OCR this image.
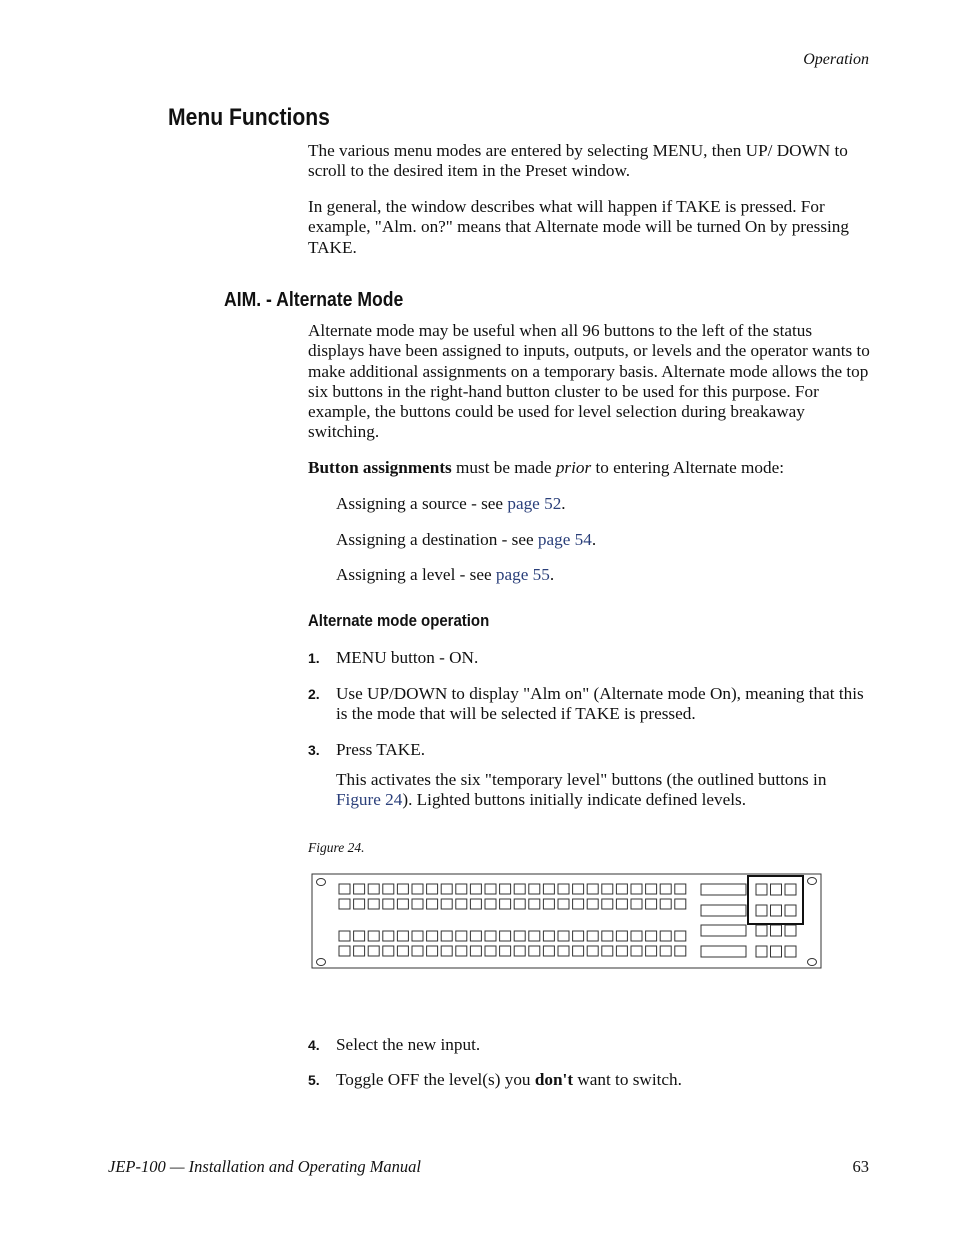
Operation
Menu Functions

The various menu modes are entered by selecting MENU, then UP/ DOWN to scroll to the desired item in the Preset window.

In general, the window describes what will happen if TAKE is pressed. For example, "Alm. on?" means that Alternate mode will be turned On by pressing TAKE.

AIM. - Alternate Mode

Alternate mode may be useful when all 96 buttons to the left of the status displays have been assigned to inputs, outputs, or levels and the operator wants to make additional assignments on a temporary basis. Alternate mode allows the top six buttons in the right-hand button cluster to be used for this purpose. For example, the buttons could be used for level selection during breakaway switching.

Button assignments must be made prior to entering Alternate mode:

Assigning a source - see page 52.

Assigning a destination - see page 54.

Assigning a level - see page 55.

Alternate mode operation
1. MENU button - ON.

2. Use UP/DOWN to display "Alm on" (Alternate mode On), meaning that this is the mode that will be selected if TAKE is pressed.

3. Press TAKE.

This activates the six "temporary level" buttons (the outlined buttons in Figure 24). Lighted buttons initially indicate defined levels.

Figure 24.

4. Select the new input.

5. Toggle OFF the level(s) you don't want to switch.

JEP-100 — Installation and Operating Manual	63
